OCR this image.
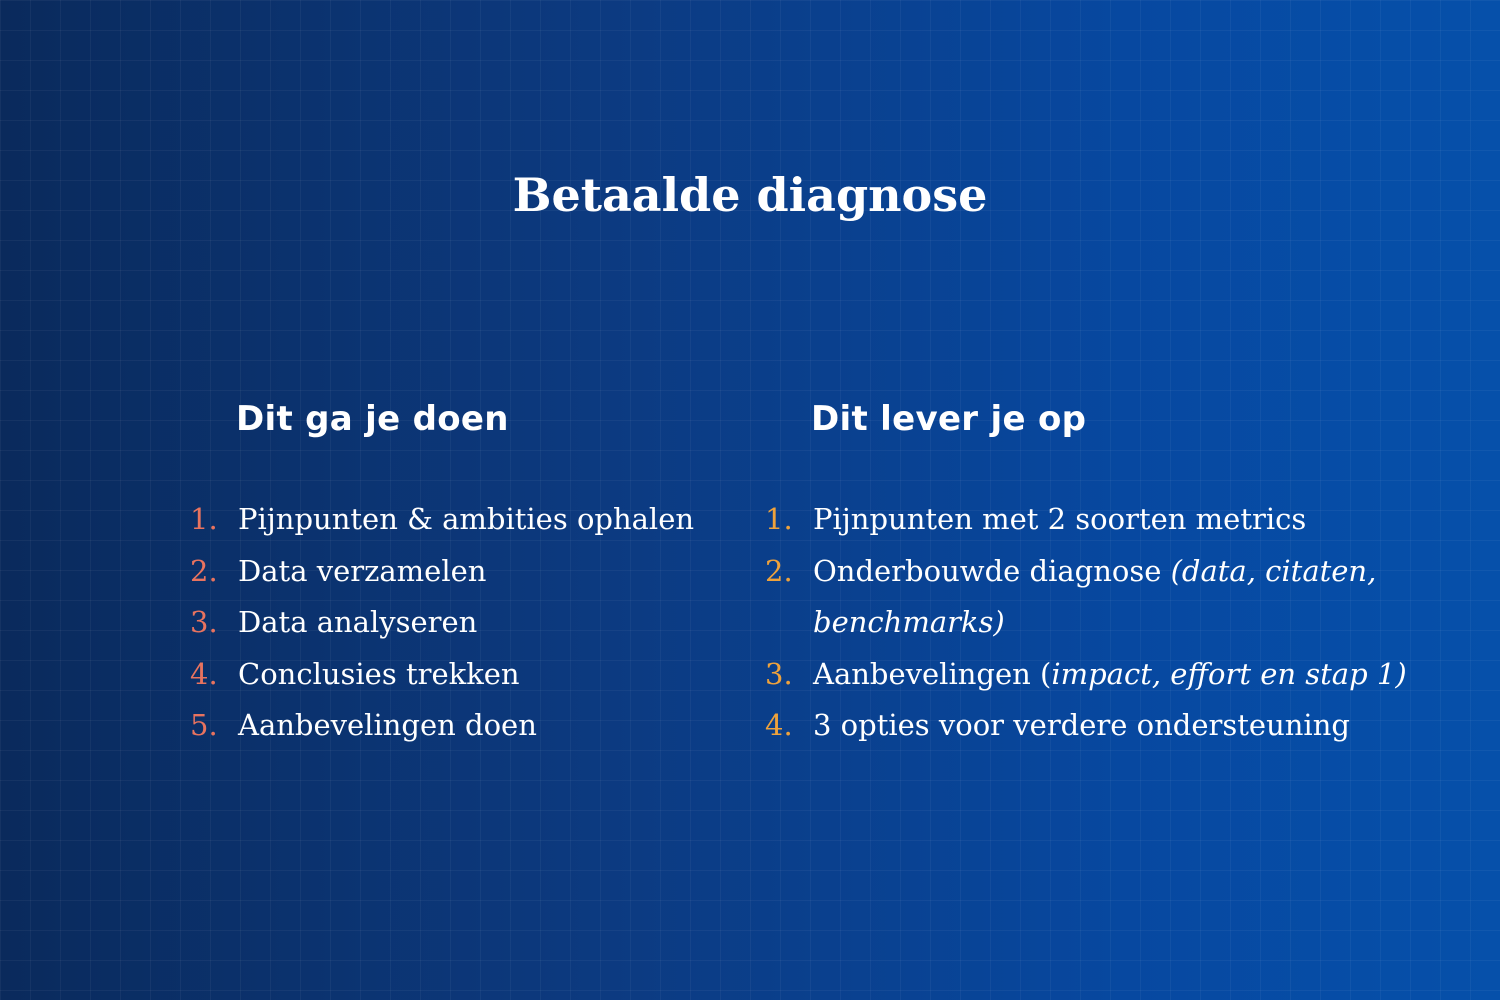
Betaalde diagnose
Dit ga je doen
1. Pijnpunten & ambities ophalen
2. Data verzamelen
3. Data analyseren
4. Conclusies trekken
5. Aanbevelingen doen
Dit lever je op
1. Pijnpunten met 2 soorten metrics
2. Onderbouwde diagnose (data, citaten, benchmarks)
3. Aanbevelingen (impact, effort en stap 1)
4. 3 opties voor verdere ondersteuning
